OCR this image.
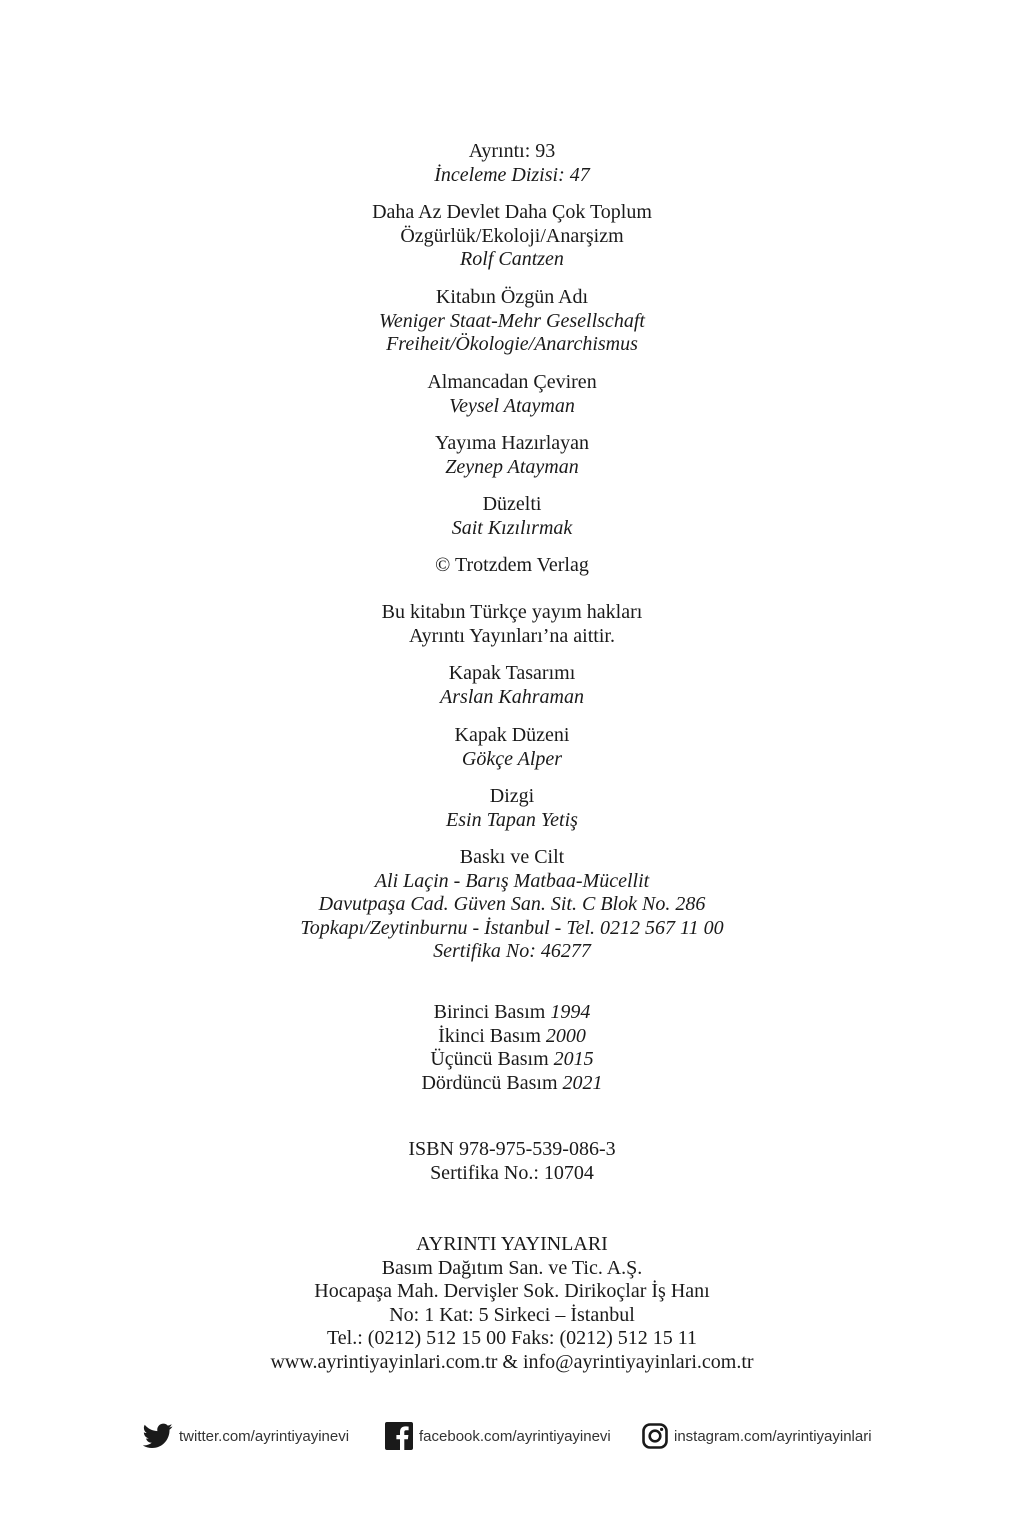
Ayrıntı: 93
İnceleme Dizisi: 47
Daha Az Devlet Daha Çok Toplum
Özgürlük/Ekoloji/Anarşizm
Rolf Cantzen
Kitabın Özgün Adı
Weniger Staat-Mehr Gesellschaft
Freiheit/Ökologie/Anarchismus
Almancadan Çeviren
Veysel Atayman
Yayıma Hazırlayan
Zeynep Atayman
Düzelti
Sait Kızılırmak
© Trotzdem Verlag
Bu kitabın Türkçe yayım hakları
Ayrıntı Yayınları’na aittir.
Kapak Tasarımı
Arslan Kahraman
Kapak Düzeni
Gökçe Alper
Dizgi
Esin Tapan Yetiş
Baskı ve Cilt
Ali Laçin - Barış Matbaa-Mücellit
Davutpaşa Cad. Güven San. Sit. C Blok No. 286
Topkapı/Zeytinburnu - İstanbul - Tel. 0212 567 11 00
Sertifika No: 46277
Birinci Basım 1994
İkinci Basım 2000
Üçüncü Basım 2015
Dördüncü Basım 2021
ISBN 978-975-539-086-3
Sertifika No.: 10704
AYRINTI YAYINLARI
Basım Dağıtım San. ve Tic. A.Ş.
Hocapaşa Mah. Dervişler Sok. Dirikoçlar İş Hanı
No: 1 Kat: 5 Sirkeci – İstanbul
Tel.: (0212) 512 15 00 Faks: (0212) 512 15 11
www.ayrintiyayinlari.com.tr & info@ayrintiyayinlari.com.tr
twitter.com/ayrintiyayinevi	facebook.com/ayrintiyayinevi	instagram.com/ayrintiyayinlari
